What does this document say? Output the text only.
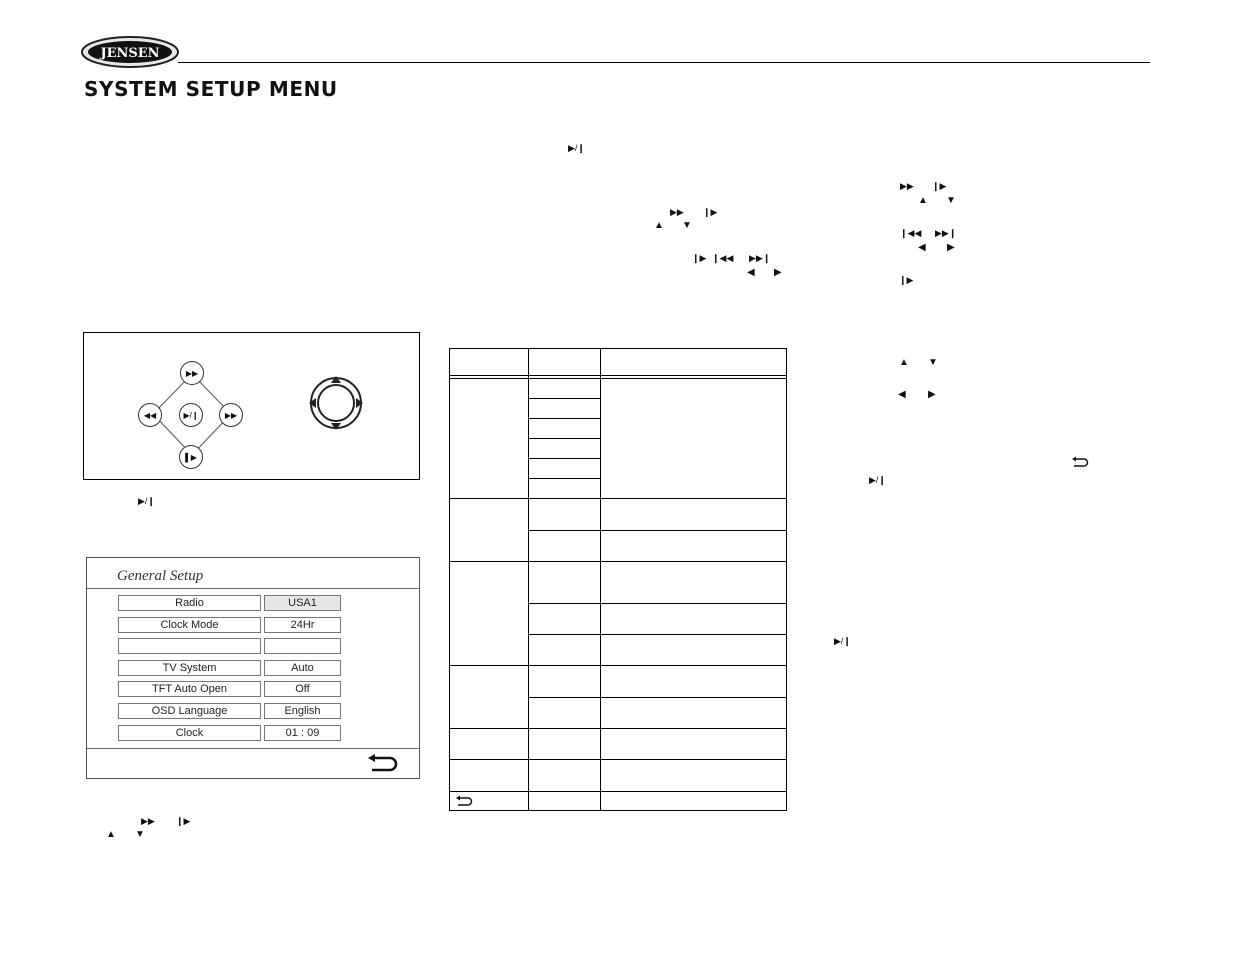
JENSEN
SYSTEM SETUP MENU
▶/❙
▶▶
◀◀	▶/❙	▶▶
▌▶
General Setup
Radio	USA1
Clock Mode	24Hr
TV System	Auto
TFT Auto Open	Off
OSD Language	English
Clock	01 : 09
▶▶ ❙▶
▲ ▼
▶/❙
▶▶ ❙▶
▲ ▼
❙▶ ❙◀◀ ▶▶❙
◀ ▶
▶▶ ❙▶
▲ ▼
❙◀◀ ▶▶❙
◀ ▶
❙▶
▲ ▼
◀ ▶
▶/❙
▶/❙
